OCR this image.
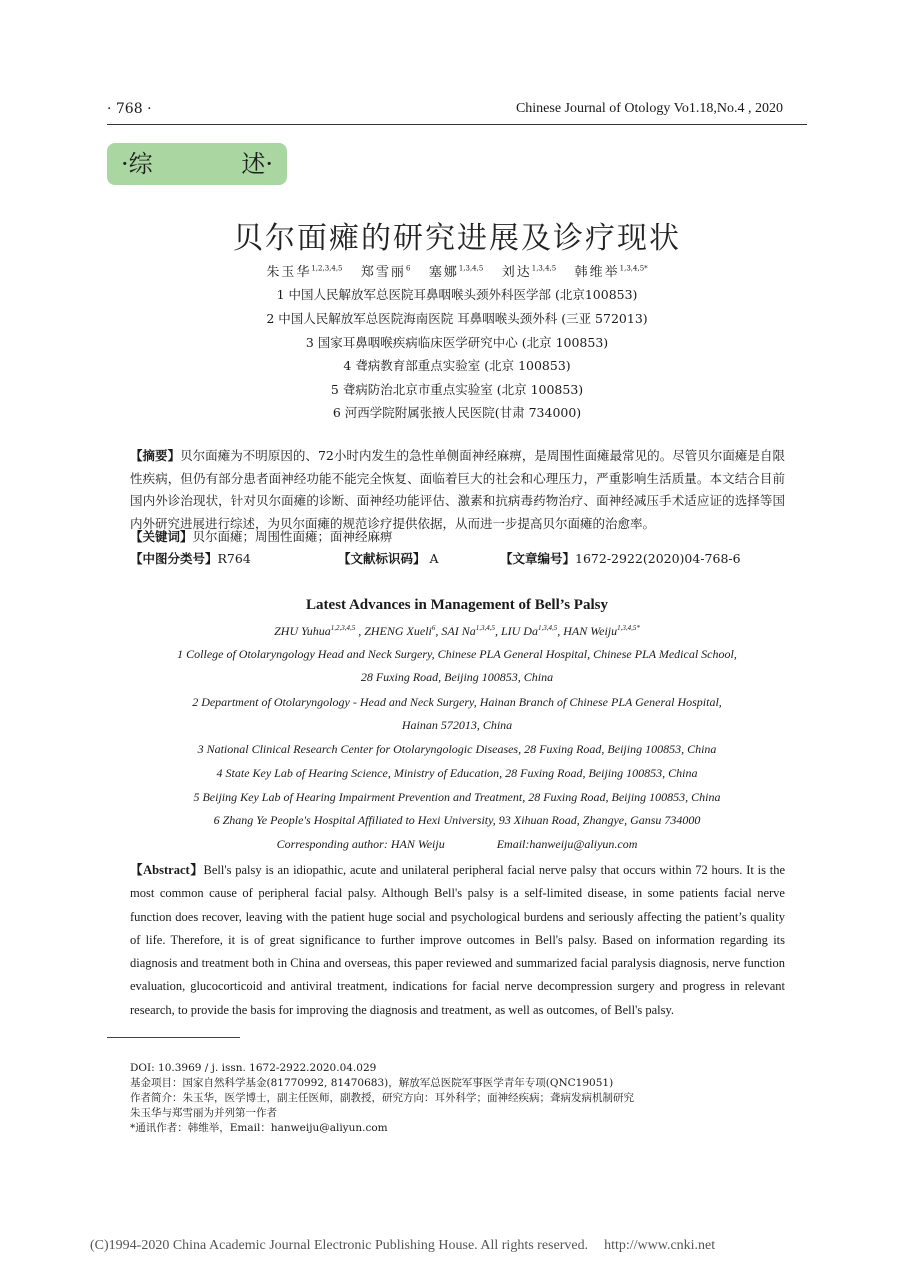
· 768 ·	Chinese Journal of Otology Vo1.18,No.4 , 2020
·综	述·
贝尔面瘫的研究进展及诊疗现状
朱玉华$^{1,2,3,4,5}$ 郑雪丽$^6$ 塞娜$^{1,3,4,5}$ 刘达$^{1,3,4,5}$ 韩维举$^{1,3,4,5*}$
1 中国人民解放军总医院耳鼻咽喉头颈外科医学部 (北京100853)
2 中国人民解放军总医院海南医院 耳鼻咽喉头颈外科 (三亚 572013)
3 国家耳鼻咽喉疾病临床医学研究中心 (北京 100853)
4 聋病教育部重点实验室 (北京 100853)
5 聋病防治北京市重点实验室 (北京 100853)
6 河西学院附属张掖人民医院(甘肃 734000)
【摘要】贝尔面瘫为不明原因的、72小时内发生的急性单侧面神经麻痹，是周围性面瘫最常见的。尽管贝尔面瘫是自限性疾病，但仍有部分患者面神经功能不能完全恢复、面临着巨大的社会和心理压力，严重影响生活质量。本文结合目前国内外诊治现状，针对贝尔面瘫的诊断、面神经功能评估、激素和抗病毒药物治疗、面神经减压手术适应证的选择等国内外研究进展进行综述，为贝尔面瘫的规范诊疗提供依据，从而进一步提高贝尔面瘫的治愈率。
【关键词】贝尔面瘫；周围性面瘫；面神经麻痹
【中图分类号】R764	【文献标识码】 A	【文章编号】1672-2922(2020)04-768-6
Latest Advances in Management of Bell’s Palsy
ZHU Yuhua$^{1,2,3,4,5}$ , ZHENG Xueli$^6$, SAI Na$^{1,3,4,5}$, LIU Da$^{1,3,4,5}$, HAN Weiju$^{1,3,4,5*}$
1 College of Otolaryngology Head and Neck Surgery, Chinese PLA General Hospital, Chinese PLA Medical School,
28 Fuxing Road, Beijing 100853, China
2 Department of Otolaryngology - Head and Neck Surgery, Hainan Branch of Chinese PLA General Hospital,
Hainan 572013, China
3 National Clinical Research Center for Otolaryngologic Diseases, 28 Fuxing Road, Beijing 100853, China
4 State Key Lab of Hearing Science, Ministry of Education, 28 Fuxing Road, Beijing 100853, China
5 Beijing Key Lab of Hearing Impairment Prevention and Treatment, 28 Fuxing Road, Beijing 100853, China
6 Zhang Ye People's Hospital Affiliated to Hexi University, 93 Xihuan Road, Zhangye, Gansu 734000
Corresponding author: HAN Weiju	Email:hanweiju@aliyun.com
【Abstract】Bell's palsy is an idiopathic, acute and unilateral peripheral facial nerve palsy that occurs within 72 hours. It is the most common cause of peripheral facial palsy. Although Bell's palsy is a self-limited disease, in some patients facial nerve function does recover, leaving with the patient huge social and psychological burdens and seriously affecting the patient’s quality of life. Therefore, it is of great significance to further improve outcomes in Bell's palsy. Based on information regarding its diagnosis and treatment both in China and overseas, this paper reviewed and summarized facial paralysis diagnosis, nerve function evaluation, glucocorticoid and antiviral treatment, indications for facial nerve decompression surgery and progress in relevant research, to provide the basis for improving the diagnosis and treatment, as well as outcomes, of Bell's palsy.
DOI: 10.3969 / j. issn. 1672-2922.2020.04.029
基金项目：国家自然科学基金(81770992, 81470683)，解放军总医院军事医学青年专项(QNC19051)
作者简介：朱玉华，医学博士，副主任医师，副教授，研究方向：耳外科学；面神经疾病；聋病发病机制研究
朱玉华与郑雪丽为并列第一作者
*通讯作者：韩维举，Email：hanweiju@aliyun.com
(C)1994-2020 China Academic Journal Electronic Publishing House. All rights reserved. http://www.cnki.net
